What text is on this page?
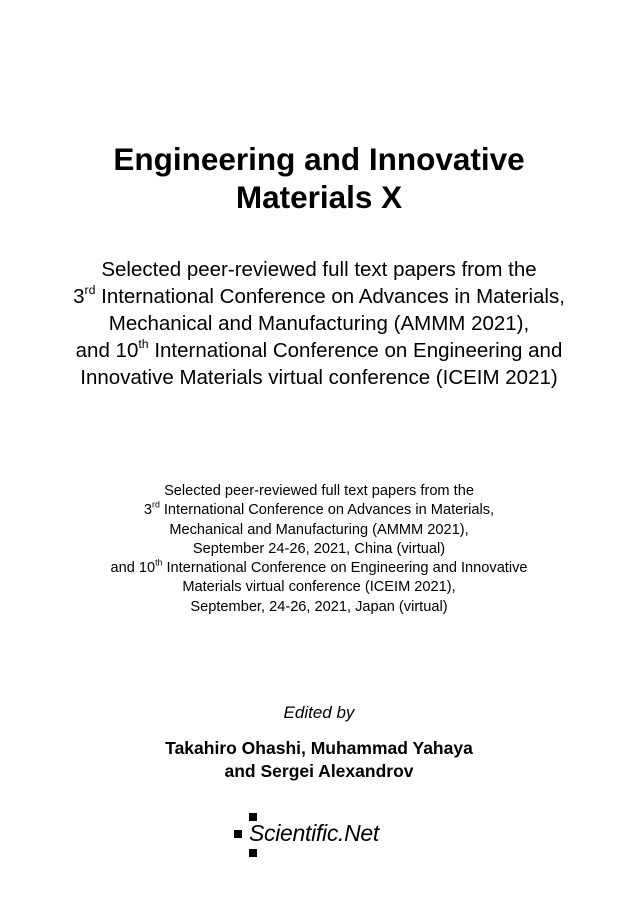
Engineering and Innovative
Materials X
Selected peer-reviewed full text papers from the
3rd International Conference on Advances in Materials,
Mechanical and Manufacturing (AMMM 2021),
and 10th International Conference on Engineering and
Innovative Materials virtual conference (ICEIM 2021)
Selected peer-reviewed full text papers from the
3rd International Conference on Advances in Materials,
Mechanical and Manufacturing (AMMM 2021),
September 24-26, 2021, China (virtual)
and 10th International Conference on Engineering and Innovative
Materials virtual conference (ICEIM 2021),
September, 24-26, 2021, Japan (virtual)
Edited by
Takahiro Ohashi, Muhammad Yahaya
and Sergei Alexandrov
Scientific.Net
